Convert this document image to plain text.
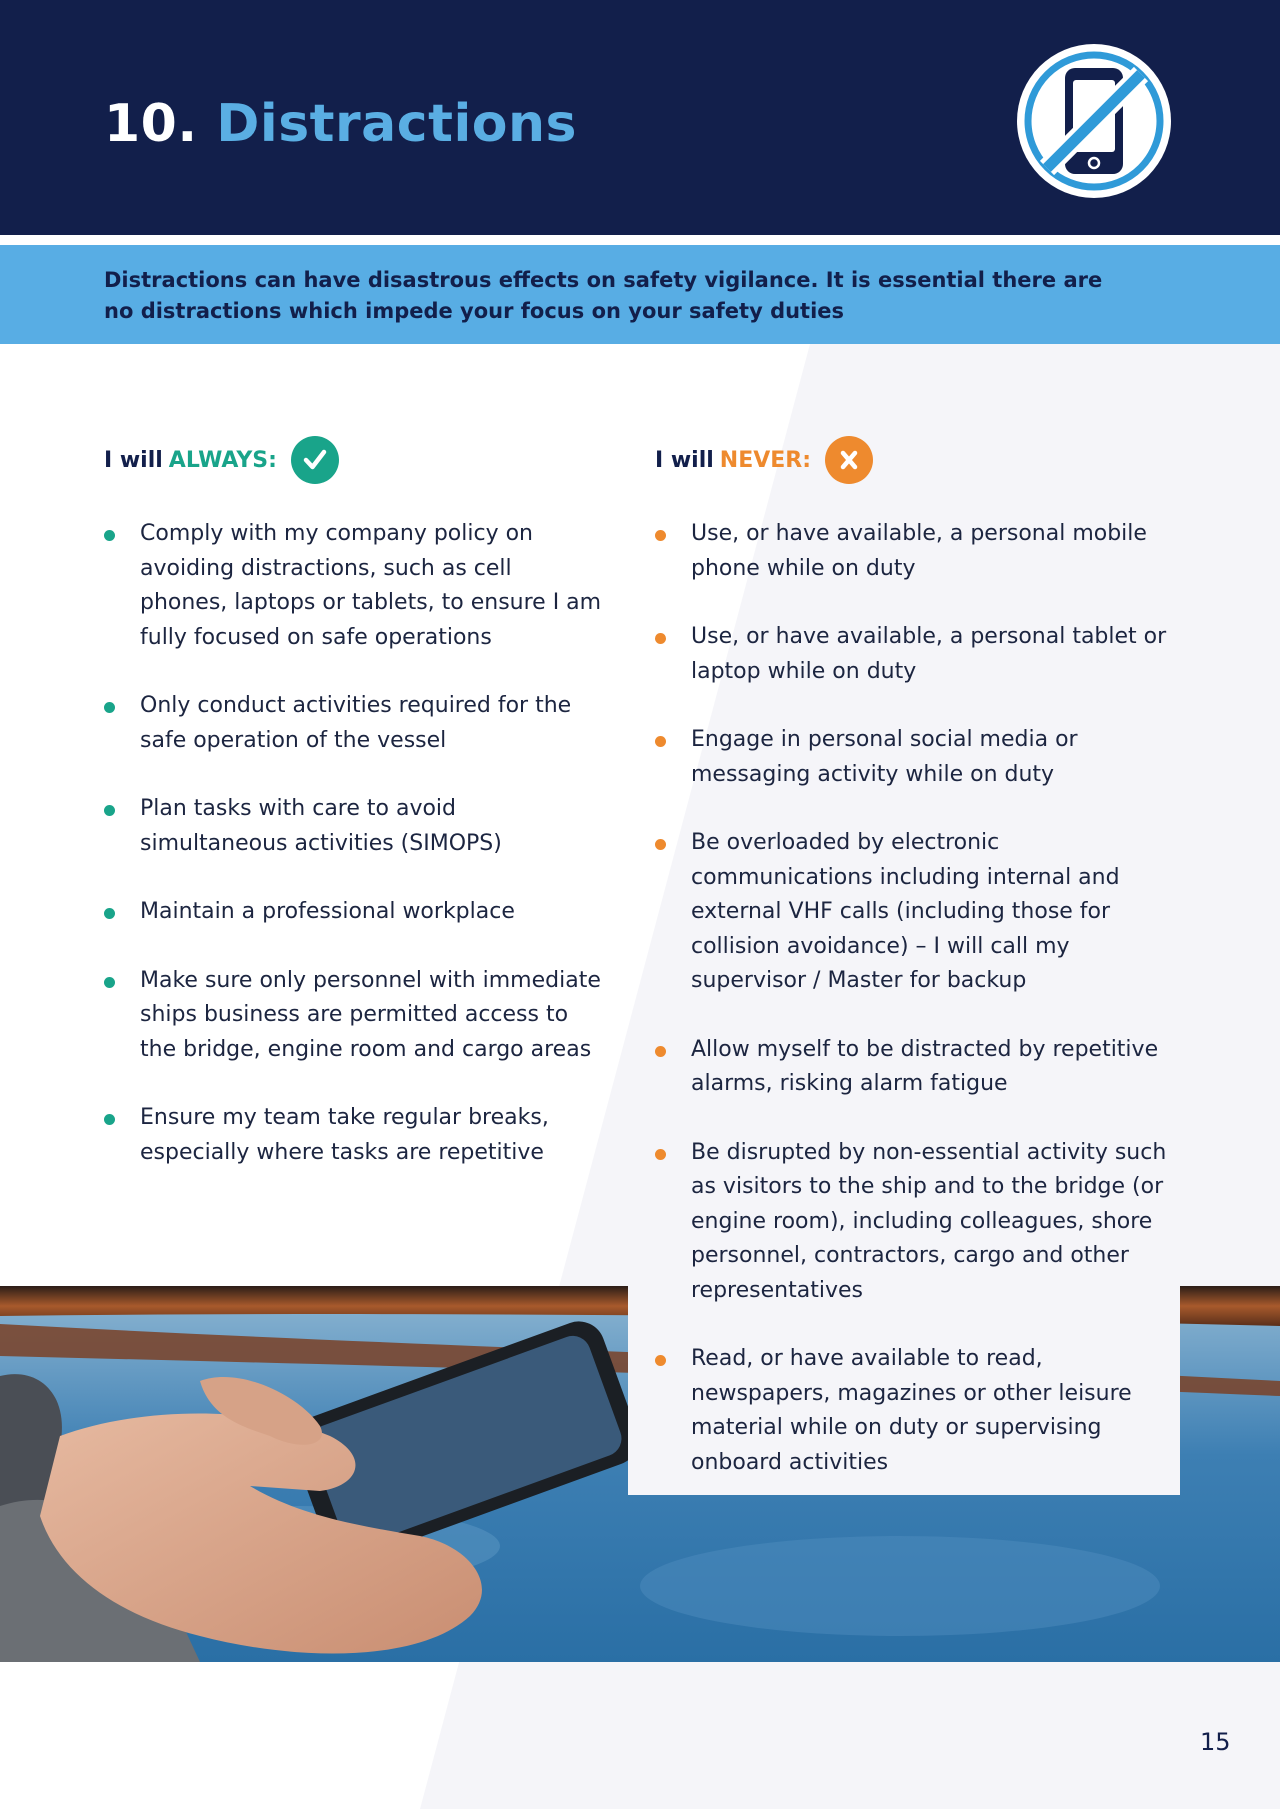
10. Distractions
Distractions can have disastrous effects on safety vigilance. It is essential there are no distractions which impede your focus on your safety duties
I will ALWAYS:
Comply with my company policy on avoiding distractions, such as cell phones, laptops or tablets, to ensure I am fully focused on safe operations
Only conduct activities required for the safe operation of the vessel
Plan tasks with care to avoid simultaneous activities (SIMOPS)
Maintain a professional workplace
Make sure only personnel with immediate ships business are permitted access to the bridge, engine room and cargo areas
Ensure my team take regular breaks, especially where tasks are repetitive
I will NEVER:
Use, or have available, a personal mobile phone while on duty
Use, or have available, a personal tablet or laptop while on duty
Engage in personal social media or messaging activity while on duty
Be overloaded by electronic communications including internal and external VHF calls (including those for collision avoidance) – I will call my supervisor / Master for backup
Allow myself to be distracted by repetitive alarms, risking alarm fatigue
Be disrupted by non-essential activity such as visitors to the ship and to the bridge (or engine room), including colleagues, shore personnel, contractors, cargo and other representatives
Read, or have available to read, newspapers, magazines or other leisure material while on duty or supervising onboard activities
15
